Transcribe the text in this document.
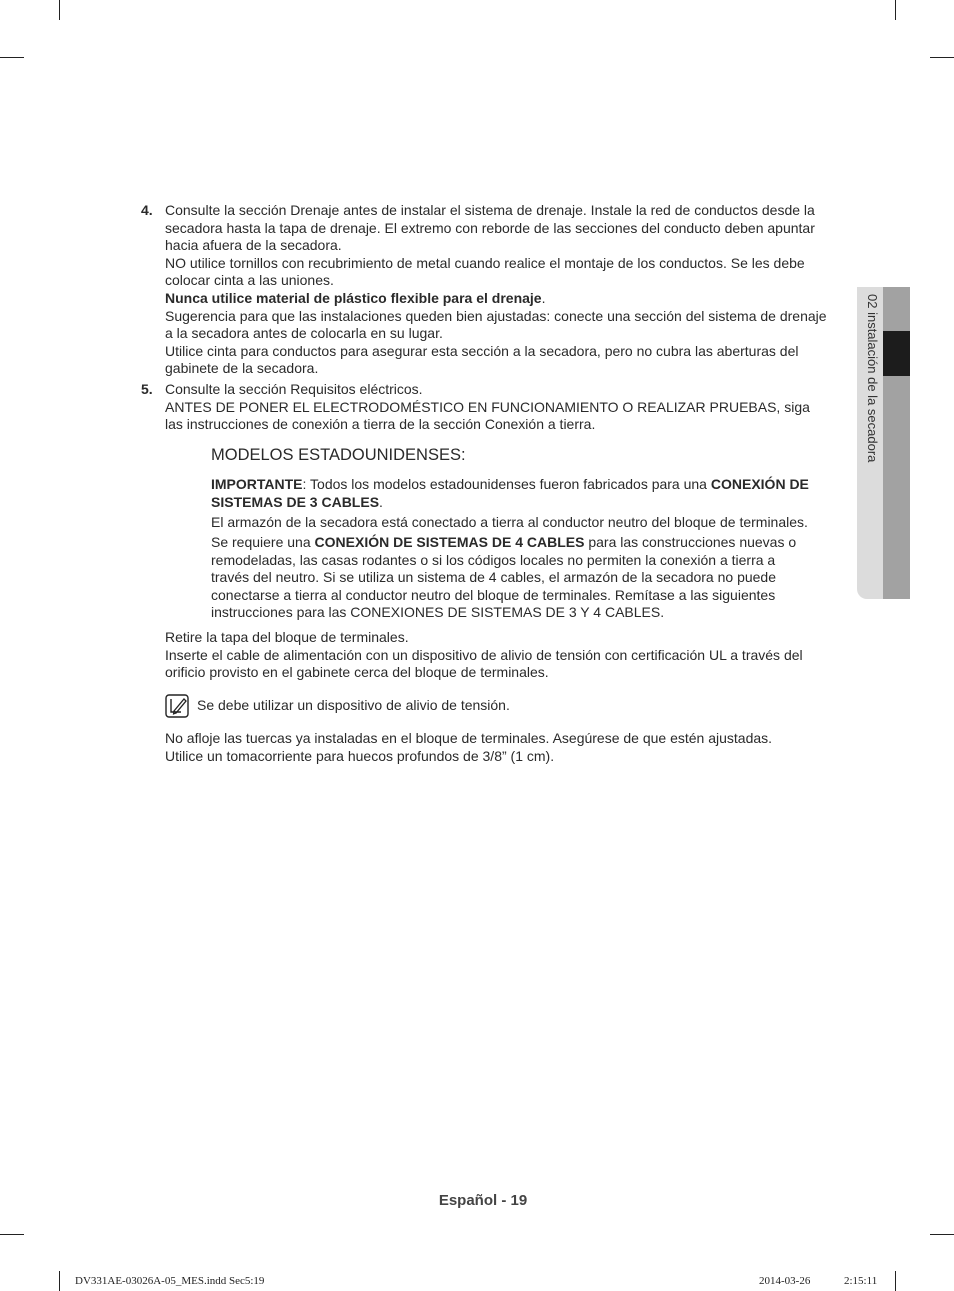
02 instalación de la secadora
4. Consulte la sección Drenaje antes de instalar el sistema de drenaje. Instale la red de conductos desde la secadora hasta la tapa de drenaje. El extremo con reborde de las secciones del conducto deben apuntar hacia afuera de la secadora.

NO utilice tornillos con recubrimiento de metal cuando realice el montaje de los conductos. Se les debe colocar cinta a las uniones.

Nunca utilice material de plástico flexible para el drenaje.

Sugerencia para que las instalaciones queden bien ajustadas: conecte una sección del sistema de drenaje a la secadora antes de colocarla en su lugar.

Utilice cinta para conductos para asegurar esta sección a la secadora, pero no cubra las aberturas del gabinete de la secadora.

5. Consulte la sección Requisitos eléctricos.

ANTES DE PONER EL ELECTRODOMÉSTICO EN FUNCIONAMIENTO O REALIZAR PRUEBAS, siga las instrucciones de conexión a tierra de la sección Conexión a tierra.

MODELOS ESTADOUNIDENSES:

IMPORTANTE: Todos los modelos estadounidenses fueron fabricados para una CONEXIÓN DE SISTEMAS DE 3 CABLES.

El armazón de la secadora está conectado a tierra al conductor neutro del bloque de terminales.

Se requiere una CONEXIÓN DE SISTEMAS DE 4 CABLES para las construcciones nuevas o remodeladas, las casas rodantes o si los códigos locales no permiten la conexión a tierra a través del neutro. Si se utiliza un sistema de 4 cables, el armazón de la secadora no puede conectarse a tierra al conductor neutro del bloque de terminales. Remítase a las siguientes instrucciones para las CONEXIONES DE SISTEMAS DE 3 Y 4 CABLES.

Retire la tapa del bloque de terminales.

Inserte el cable de alimentación con un dispositivo de alivio de tensión con certificación UL a través del orificio provisto en el gabinete cerca del bloque de terminales.

Se debe utilizar un dispositivo de alivio de tensión.

No afloje las tuercas ya instaladas en el bloque de terminales. Asegúrese de que estén ajustadas.

Utilice un tomacorriente para huecos profundos de 3/8” (1 cm).

Español - 19
DV331AE-03026A-05_MES.indd Sec5:19	2014-03-26	2:15:11
